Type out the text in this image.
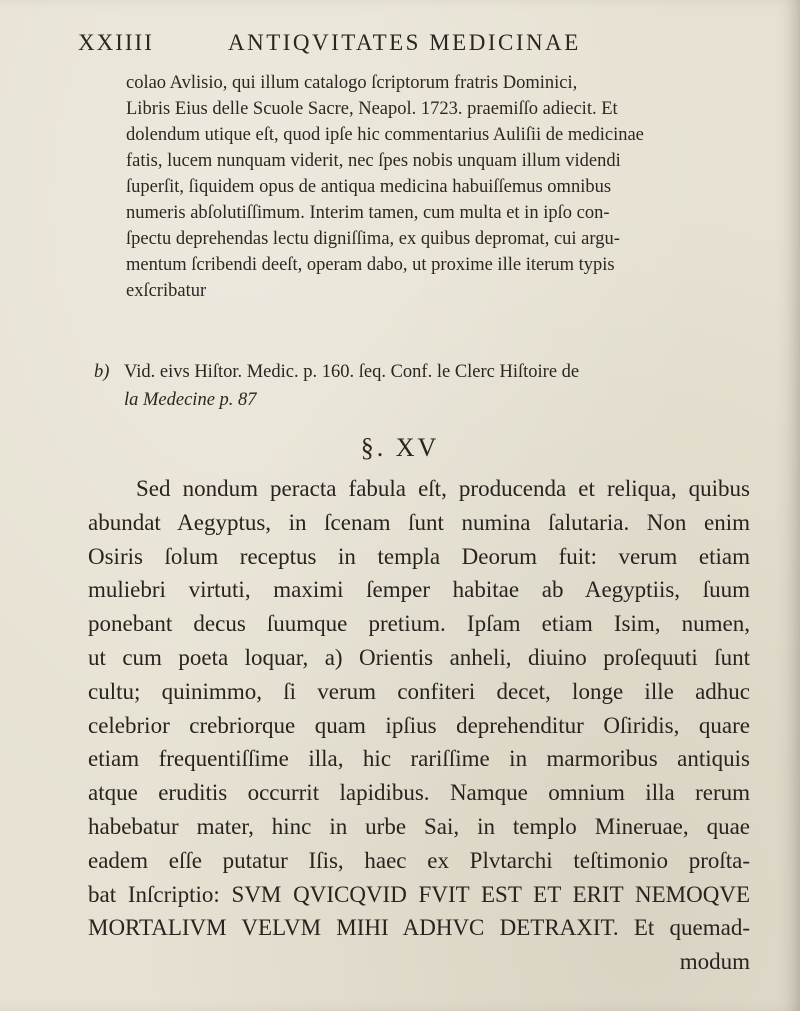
XXIIII	ANTIQVITATES MEDICINAE

colao Avlisio, qui illum catalogo ſcriptorum fratris Dominici,

Libris Eius delle Scuole Sacre, Neapol. 1723. praemiſſo adiecit. Et

dolendum utique eſt, quod ipſe hic commentarius Auliſii de medicinae

fatis, lucem nunquam viderit, nec ſpes nobis unquam illum videndi

ſuperſit, ſiquidem opus de antiqua medicina habuiſſemus omnibus

numeris abſolutiſſimum. Interim tamen, cum multa et in ipſo con-

ſpectu deprehendas lectu digniſſima, ex quibus depromat, cui argu-

mentum ſcribendi deeſt, operam dabo, ut proxime ille iterum typis

exſcribatur

b) Vid. eivs Hiſtor. Medic. p. 160. ſeq. Conf. le Clerc Hiſtoire de
la Medecine p. 87
§. XV
Sed nondum peracta fabula eſt, producenda et reliqua, quibus
abundat Aegyptus, in ſcenam ſunt numina ſalutaria. Non enim
Osiris ſolum receptus in templa Deorum fuit: verum etiam
muliebri virtuti, maximi ſemper habitae ab Aegyptiis, ſuum
ponebant decus ſuumque pretium. Ipſam etiam Isim, numen,
ut cum poeta loquar, a) Orientis anheli, diuino proſequuti ſunt
cultu; quinimmo, ſi verum confiteri decet, longe ille adhuc
celebrior crebriorque quam ipſius deprehenditur Oſiridis, quare
etiam frequentiſſime illa, hic rariſſime in marmoribus antiquis
atque eruditis occurrit lapidibus. Namque omnium illa rerum
habebatur mater, hinc in urbe Sai, in templo Mineruae, quae
eadem eſſe putatur Iſis, haec ex Plvtarchi teſtimonio proſta-
bat Inſcriptio: SVM QVICQVID FVIT EST ET ERIT NEMOQVE
MORTALIVM VELVM MIHI ADHVC DETRAXIT. Et quemad-
modum
